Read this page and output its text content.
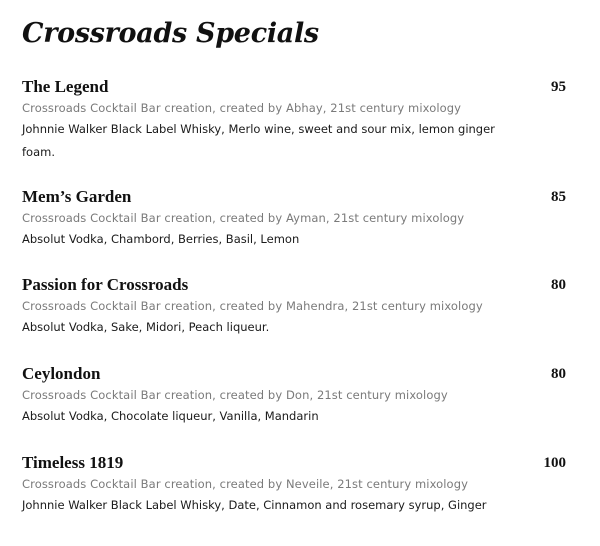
Crossroads Specials
The Legend	95
Crossroads Cocktail Bar creation, created by Abhay, 21st century mixology
Johnnie Walker Black Label Whisky, Merlo wine, sweet and sour mix, lemon ginger foam.
Mem’s Garden	85
Crossroads Cocktail Bar creation, created by Ayman, 21st century mixology
Absolut Vodka, Chambord, Berries, Basil, Lemon
Passion for Crossroads	80
Crossroads Cocktail Bar creation, created by Mahendra, 21st century mixology
Absolut Vodka, Sake, Midori, Peach liqueur.
Ceylondon	80
Crossroads Cocktail Bar creation, created by Don, 21st century mixology
Absolut Vodka, Chocolate liqueur, Vanilla, Mandarin
Timeless 1819	100
Crossroads Cocktail Bar creation, created by Neveile, 21st century mixology
Johnnie Walker Black Label Whisky, Date, Cinnamon and rosemary syrup, Ginger
